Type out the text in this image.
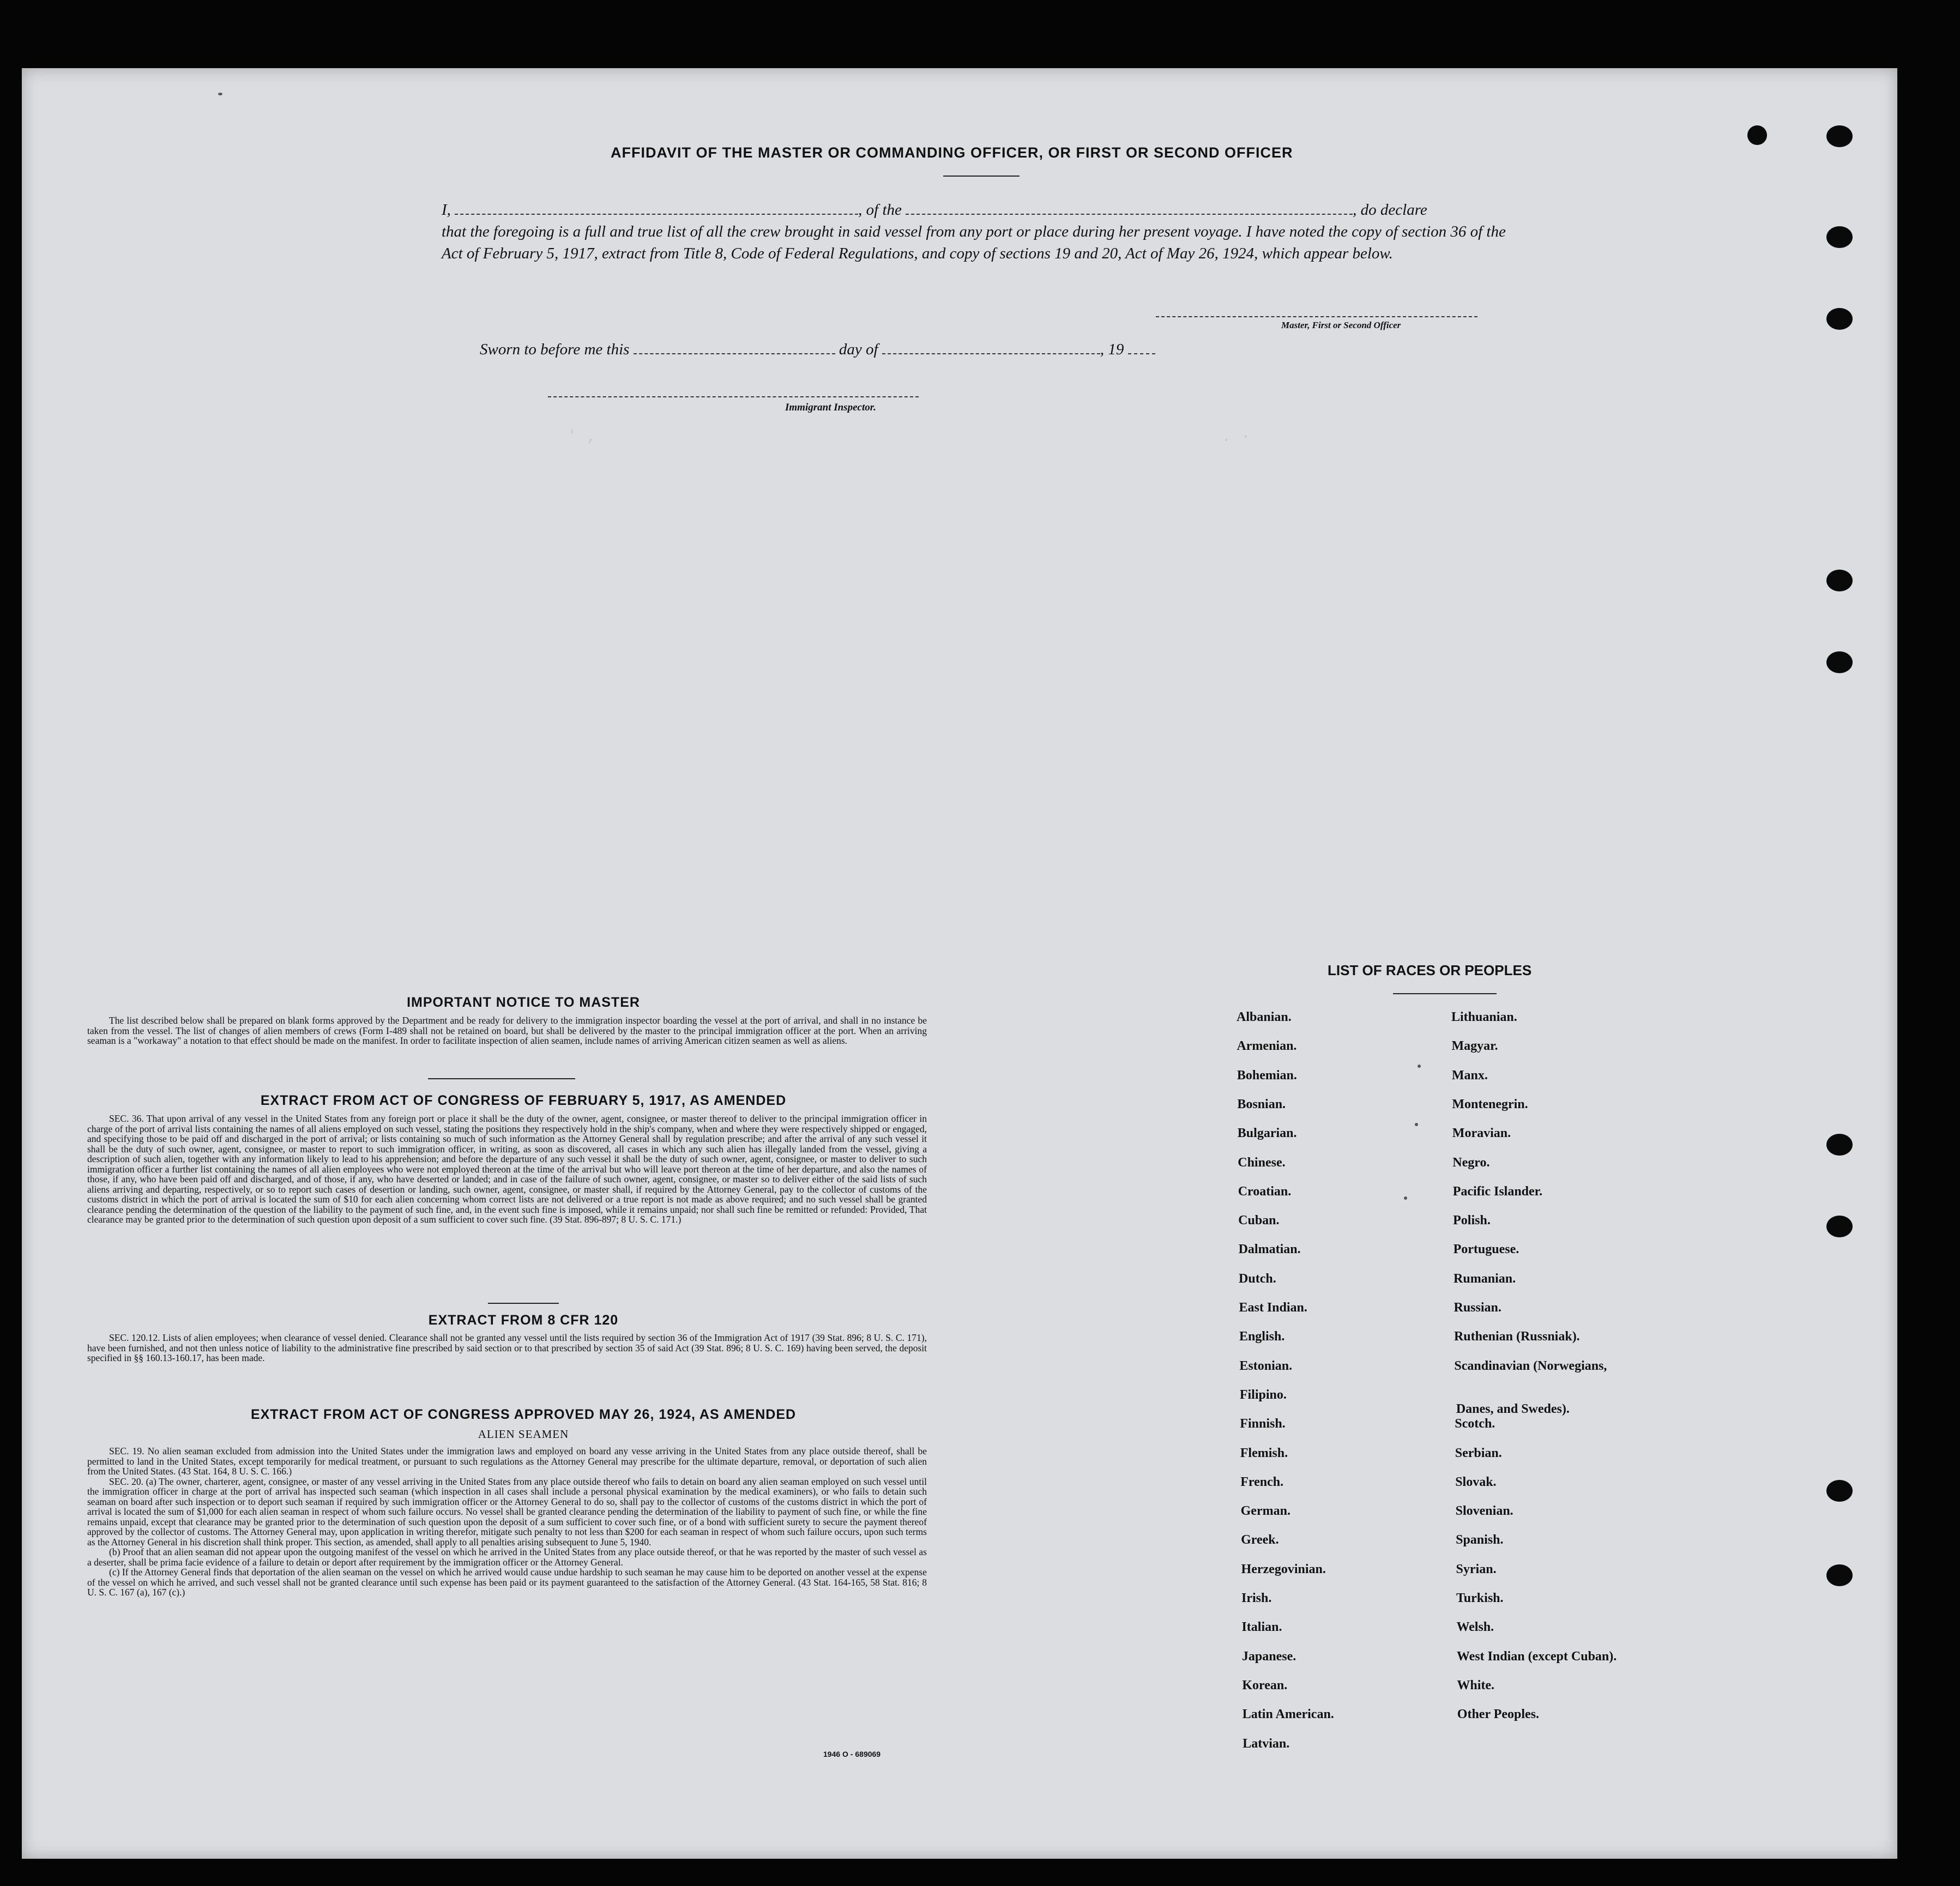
' ,	. ·
AFFIDAVIT OF THE MASTER OR COMMANDING OFFICER, OR FIRST OR SECOND OFFICER
I,	, of the	, do declare
that the foregoing is a full and true list of all the crew brought in said vessel from any port or place during her present voyage. I have noted the copy of section 36 of the Act of February 5, 1917, extract from Title 8, Code of Federal Regulations, and copy of sections 19 and 20, Act of May 26, 1924, which appear below.
Master, First or Second Officer
Sworn to before me this	day of	, 19
Immigrant Inspector.
IMPORTANT NOTICE TO MASTER

The list described below shall be prepared on blank forms approved by the Department and be ready for delivery to the immigration inspector boarding the vessel at the port of arrival, and shall in no instance be taken from the vessel. The list of changes of alien members of crews (Form I-489 shall not be retained on board, but shall be delivered by the master to the principal immigration officer at the port. When an arriving seaman is a "workaway" a notation to that effect should be made on the manifest. In order to facilitate inspection of alien seamen, include names of arriving American citizen seamen as well as aliens.

EXTRACT FROM ACT OF CONGRESS OF FEBRUARY 5, 1917, AS AMENDED

SEC. 36. That upon arrival of any vessel in the United States from any foreign port or place it shall be the duty of the owner, agent, consignee, or master thereof to deliver to the principal immigration officer in charge of the port of arrival lists containing the names of all aliens employed on such vessel, stating the positions they respectively hold in the ship's company, when and where they were respectively shipped or engaged, and specifying those to be paid off and discharged in the port of arrival; or lists containing so much of such information as the Attorney General shall by regulation prescribe; and after the arrival of any such vessel it shall be the duty of such owner, agent, consignee, or master to report to such immigration officer, in writing, as soon as discovered, all cases in which any such alien has illegally landed from the vessel, giving a description of such alien, together with any information likely to lead to his apprehension; and before the departure of any such vessel it shall be the duty of such owner, agent, consignee, or master to deliver to such immigration officer a further list containing the names of all alien employees who were not employed thereon at the time of the arrival but who will leave port thereon at the time of her departure, and also the names of those, if any, who have been paid off and discharged, and of those, if any, who have deserted or landed; and in case of the failure of such owner, agent, consignee, or master so to deliver either of the said lists of such aliens arriving and departing, respectively, or so to report such cases of desertion or landing, such owner, agent, consignee, or master shall, if required by the Attorney General, pay to the collector of customs of the customs district in which the port of arrival is located the sum of $10 for each alien concerning whom correct lists are not delivered or a true report is not made as above required; and no such vessel shall be granted clearance pending the determination of the question of the liability to the payment of such fine, and, in the event such fine is imposed, while it remains unpaid; nor shall such fine be remitted or refunded: Provided, That clearance may be granted prior to the determination of such question upon deposit of a sum sufficient to cover such fine. (39 Stat. 896-897; 8 U. S. C. 171.)

EXTRACT FROM 8 CFR 120

SEC. 120.12. Lists of alien employees; when clearance of vessel denied. Clearance shall not be granted any vessel until the lists required by section 36 of the Immigration Act of 1917 (39 Stat. 896; 8 U. S. C. 171), have been furnished, and not then unless notice of liability to the administrative fine prescribed by said section or to that prescribed by section 35 of said Act (39 Stat. 896; 8 U. S. C. 169) having been served, the deposit specified in §§ 160.13-160.17, has been made.

EXTRACT FROM ACT OF CONGRESS APPROVED MAY 26, 1924, AS AMENDED
ALIEN SEAMEN

SEC. 19. No alien seaman excluded from admission into the United States under the immigration laws and employed on board any vesse arriving in the United States from any place outside thereof, shall be permitted to land in the United States, except temporarily for medical treatment, or pursuant to such regulations as the Attorney General may prescribe for the ultimate departure, removal, or deportation of such alien from the United States. (43 Stat. 164, 8 U. S. C. 166.)

SEC. 20. (a) The owner, charterer, agent, consignee, or master of any vessel arriving in the United States from any place outside thereof who fails to detain on board any alien seaman employed on such vessel until the immigration officer in charge at the port of arrival has inspected such seaman (which inspection in all cases shall include a personal physical examination by the medical examiners), or who fails to detain such seaman on board after such inspection or to deport such seaman if required by such immigration officer or the Attorney General to do so, shall pay to the collector of customs of the customs district in which the port of arrival is located the sum of $1,000 for each alien seaman in respect of whom such failure occurs. No vessel shall be granted clearance pending the determination of the liability to payment of such fine, or while the fine remains unpaid, except that clearance may be granted prior to the determination of such question upon the deposit of a sum sufficient to cover such fine, or of a bond with sufficient surety to secure the payment thereof approved by the collector of customs. The Attorney General may, upon application in writing therefor, mitigate such penalty to not less than $200 for each seaman in respect of whom such failure occurs, upon such terms as the Attorney General in his discretion shall think proper. This section, as amended, shall apply to all penalties arising subsequent to June 5, 1940.

(b) Proof that an alien seaman did not appear upon the outgoing manifest of the vessel on which he arrived in the United States from any place outside thereof, or that he was reported by the master of such vessel as a deserter, shall be prima facie evidence of a failure to detain or deport after requirement by the immigration officer or the Attorney General.

(c) If the Attorney General finds that deportation of the alien seaman on the vessel on which he arrived would cause undue hardship to such seaman he may cause him to be deported on another vessel at the expense of the vessel on which he arrived, and such vessel shall not be granted clearance until such expense has been paid or its payment guaranteed to the satisfaction of the Attorney General. (43 Stat. 164-165, 58 Stat. 816; 8 U. S. C. 167 (a), 167 (c).)

1946 O - 689069
LIST OF RACES OR PEOPLES
Albanian.
Armenian.
Bohemian.
Bosnian.
Bulgarian.
Chinese.
Croatian.
Cuban.
Dalmatian.
Dutch.
East Indian.
English.
Estonian.
Filipino.
Finnish.
Flemish.
French.
German.
Greek.
Herzegovinian.
Irish.
Italian.
Japanese.
Korean.
Latin American.
Latvian.
Lithuanian.
Magyar.
Manx.
Montenegrin.
Moravian.
Negro.
Pacific Islander.
Polish.
Portuguese.
Rumanian.
Russian.
Ruthenian (Russniak).
Scandinavian (Norwegians,
Danes, and Swedes).
Scotch.
Serbian.
Slovak.
Slovenian.
Spanish.
Syrian.
Turkish.
Welsh.
West Indian (except Cuban).
White.
Other Peoples.
